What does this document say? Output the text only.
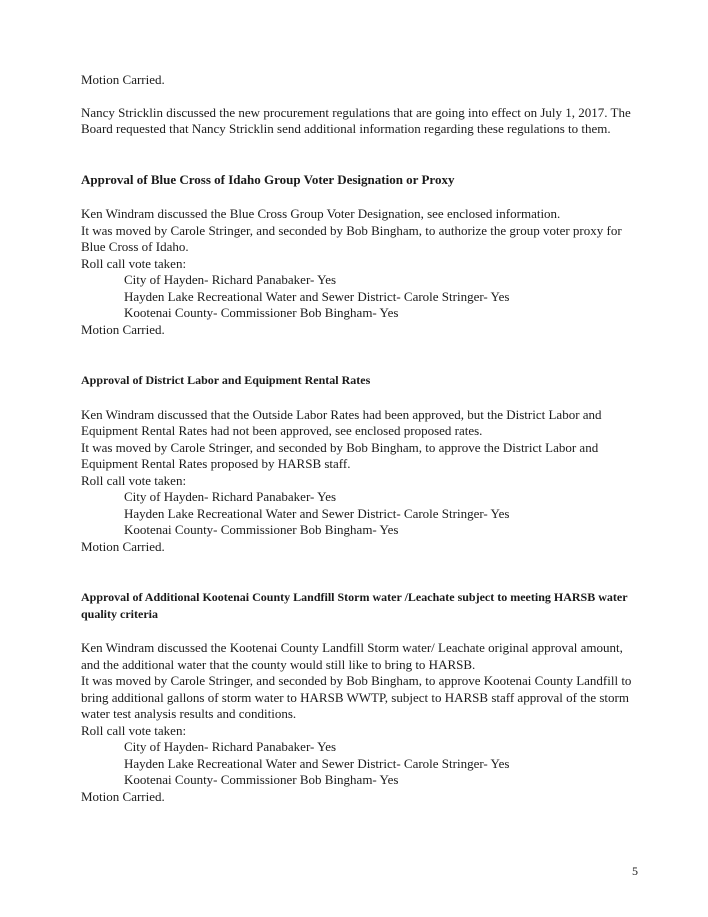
Motion Carried.

Nancy Stricklin discussed the new procurement regulations that are going into effect on July 1, 2017. The Board requested that Nancy Stricklin send additional information regarding these regulations to them.

Approval of Blue Cross of Idaho Group Voter Designation or Proxy

Ken Windram discussed the Blue Cross Group Voter Designation, see enclosed information.

It was moved by Carole Stringer, and seconded by Bob Bingham, to authorize the group voter proxy for Blue Cross of Idaho.

Roll call vote taken:

City of Hayden- Richard Panabaker- Yes

Hayden Lake Recreational Water and Sewer District- Carole Stringer- Yes

Kootenai County- Commissioner Bob Bingham- Yes

Motion Carried.

Approval of District Labor and Equipment Rental Rates

Ken Windram discussed that the Outside Labor Rates had been approved, but the District Labor and Equipment Rental Rates had not been approved, see enclosed proposed rates.

It was moved by Carole Stringer, and seconded by Bob Bingham, to approve the District Labor and Equipment Rental Rates proposed by HARSB staff.

Roll call vote taken:

City of Hayden- Richard Panabaker- Yes

Hayden Lake Recreational Water and Sewer District- Carole Stringer- Yes

Kootenai County- Commissioner Bob Bingham- Yes

Motion Carried.

Approval of Additional Kootenai County Landfill Storm water /Leachate subject to meeting HARSB water quality criteria

Ken Windram discussed the Kootenai County Landfill Storm water/ Leachate original approval amount, and the additional water that the county would still like to bring to HARSB.

It was moved by Carole Stringer, and seconded by Bob Bingham, to approve Kootenai County Landfill to bring additional gallons of storm water to HARSB WWTP, subject to HARSB staff approval of the storm water test analysis results and conditions.

Roll call vote taken:

City of Hayden- Richard Panabaker- Yes

Hayden Lake Recreational Water and Sewer District- Carole Stringer- Yes

Kootenai County- Commissioner Bob Bingham- Yes

Motion Carried.

5
